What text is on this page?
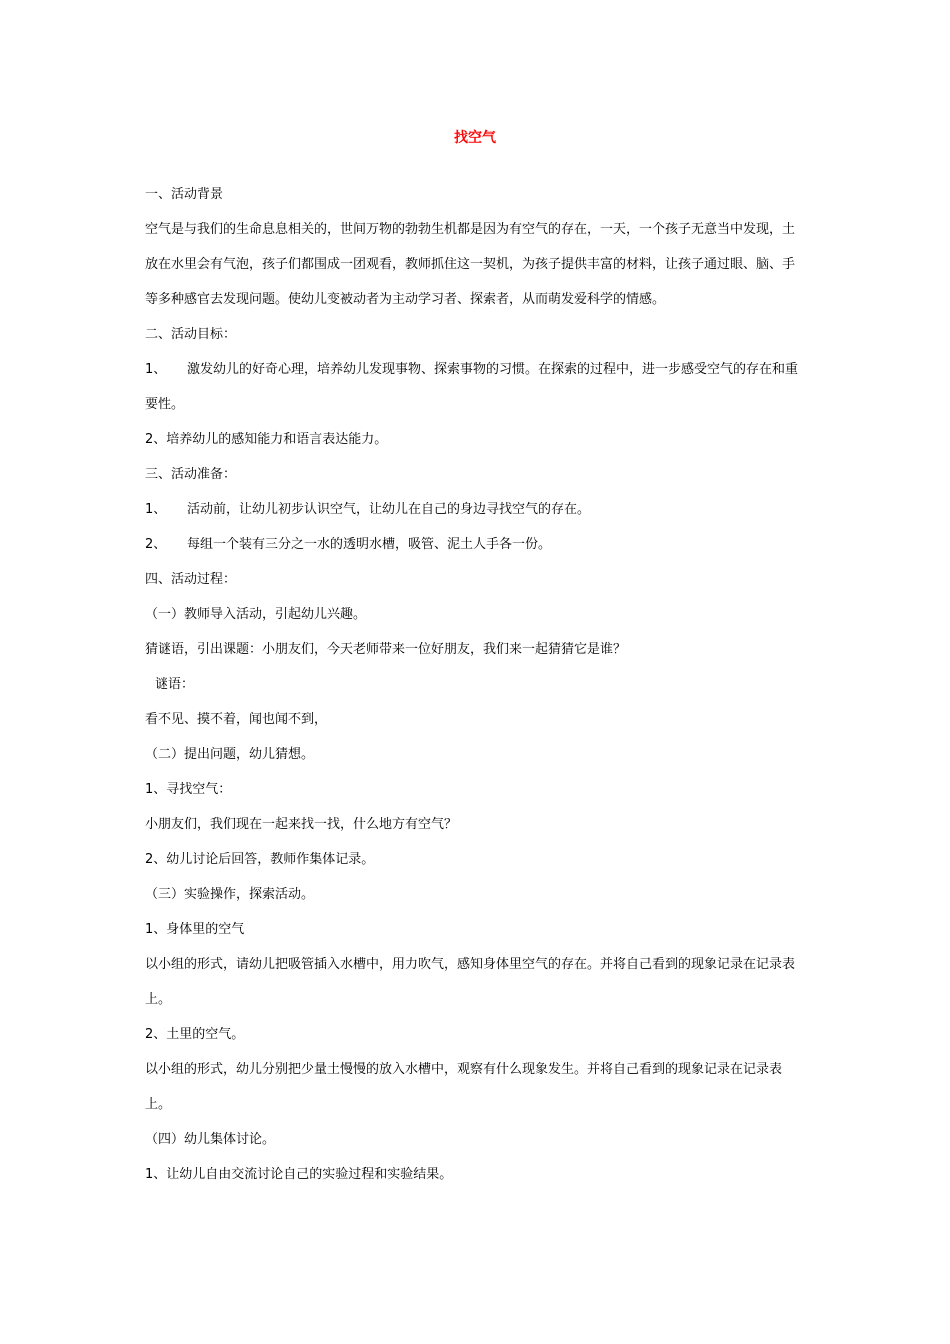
找空气

一、活动背景

空气是与我们的生命息息相关的，世间万物的勃勃生机都是因为有空气的存在，一天，一个孩子无意当中发现，土放在水里会有气泡，孩子们都围成一团观看，教师抓住这一契机，为孩子提供丰富的材料，让孩子通过眼、脑、手等多种感官去发现问题。使幼儿变被动者为主动学习者、探索者，从而萌发爱科学的情感。

二、活动目标：

1、 激发幼儿的好奇心理，培养幼儿发现事物、探索事物的习惯。在探索的过程中，进一步感受空气的存在和重要性。

2、培养幼儿的感知能力和语言表达能力。

三、活动准备：

1、 活动前，让幼儿初步认识空气，让幼儿在自己的身边寻找空气的存在。

2、 每组一个装有三分之一水的透明水槽，吸管、泥土人手各一份。

四、活动过程：

（一）教师导入活动，引起幼儿兴趣。

猜谜语，引出课题：小朋友们，今天老师带来一位好朋友，我们来一起猜猜它是谁？

谜语：

看不见、摸不着，闻也闻不到，

（二）提出问题，幼儿猜想。

1、寻找空气：

小朋友们，我们现在一起来找一找，什么地方有空气？

2、幼儿讨论后回答，教师作集体记录。

（三）实验操作，探索活动。

1、身体里的空气

以小组的形式，请幼儿把吸管插入水槽中，用力吹气，感知身体里空气的存在。并将自己看到的现象记录在记录表上。

2、土里的空气。

以小组的形式，幼儿分别把少量土慢慢的放入水槽中，观察有什么现象发生。并将自己看到的现象记录在记录表上。

（四）幼儿集体讨论。

1、让幼儿自由交流讨论自己的实验过程和实验结果。
